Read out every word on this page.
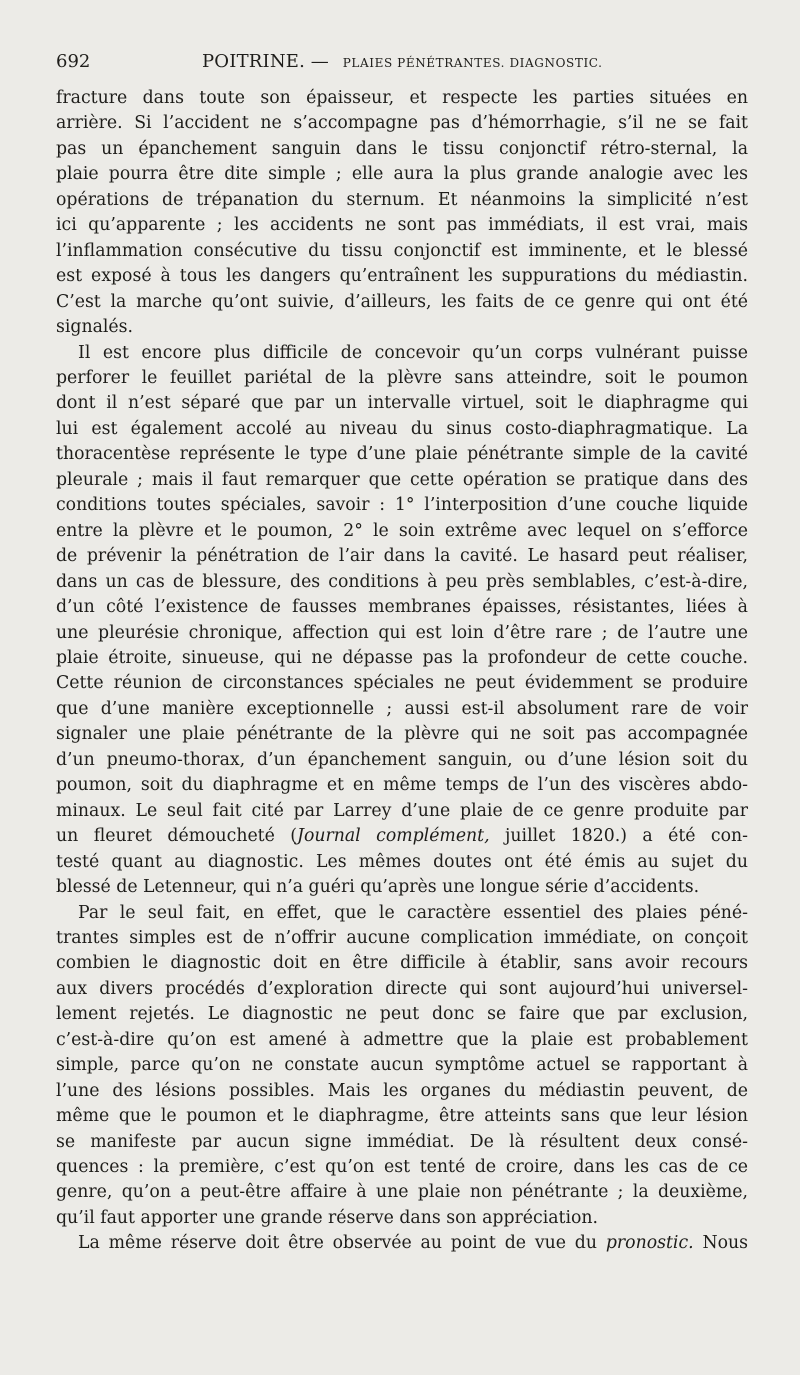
692	POITRINE. — PLAIES PÉNÉTRANTES. DIAGNOSTIC.
fracture dans toute son épaisseur, et respecte les parties situées en
arrière. Si l’accident ne s’accompagne pas d’hémorrhagie, s’il ne se fait
pas un épanchement sanguin dans le tissu conjonctif rétro-sternal, la
plaie pourra être dite simple ; elle aura la plus grande analogie avec les
opérations de trépanation du sternum. Et néanmoins la simplicité n’est
ici qu’apparente ; les accidents ne sont pas immédiats, il est vrai, mais
l’inflammation consécutive du tissu conjonctif est imminente, et le blessé
est exposé à tous les dangers qu’entraînent les suppurations du médiastin.
C’est la marche qu’ont suivie, d’ailleurs, les faits de ce genre qui ont été
signalés.
Il est encore plus difficile de concevoir qu’un corps vulnérant puisse
perforer le feuillet pariétal de la plèvre sans atteindre, soit le poumon
dont il n’est séparé que par un intervalle virtuel, soit le diaphragme qui
lui est également accolé au niveau du sinus costo-diaphragmatique. La
thoracentèse représente le type d’une plaie pénétrante simple de la cavité
pleurale ; mais il faut remarquer que cette opération se pratique dans des
conditions toutes spéciales, savoir : 1° l’interposition d’une couche liquide
entre la plèvre et le poumon, 2° le soin extrême avec lequel on s’efforce
de prévenir la pénétration de l’air dans la cavité. Le hasard peut réaliser,
dans un cas de blessure, des conditions à peu près semblables, c’est-à-dire,
d’un côté l’existence de fausses membranes épaisses, résistantes, liées à
une pleurésie chronique, affection qui est loin d’être rare ; de l’autre une
plaie étroite, sinueuse, qui ne dépasse pas la profondeur de cette couche.
Cette réunion de circonstances spéciales ne peut évidemment se produire
que d’une manière exceptionnelle ; aussi est-il absolument rare de voir
signaler une plaie pénétrante de la plèvre qui ne soit pas accompagnée
d’un pneumo-thorax, d’un épanchement sanguin, ou d’une lésion soit du
poumon, soit du diaphragme et en même temps de l’un des viscères abdo-
minaux. Le seul fait cité par Larrey d’une plaie de ce genre produite par
un fleuret démoucheté (Journal complément, juillet 1820.) a été con-
testé quant au diagnostic. Les mêmes doutes ont été émis au sujet du
blessé de Letenneur, qui n’a guéri qu’après une longue série d’accidents.
Par le seul fait, en effet, que le caractère essentiel des plaies péné-
trantes simples est de n’offrir aucune complication immédiate, on conçoit
combien le diagnostic doit en être difficile à établir, sans avoir recours
aux divers procédés d’exploration directe qui sont aujourd’hui universel-
lement rejetés. Le diagnostic ne peut donc se faire que par exclusion,
c’est-à-dire qu’on est amené à admettre que la plaie est probablement
simple, parce qu’on ne constate aucun symptôme actuel se rapportant à
l’une des lésions possibles. Mais les organes du médiastin peuvent, de
même que le poumon et le diaphragme, être atteints sans que leur lésion
se manifeste par aucun signe immédiat. De là résultent deux consé-
quences : la première, c’est qu’on est tenté de croire, dans les cas de ce
genre, qu’on a peut-être affaire à une plaie non pénétrante ; la deuxième,
qu’il faut apporter une grande réserve dans son appréciation.
La même réserve doit être observée au point de vue du pronostic. Nous
